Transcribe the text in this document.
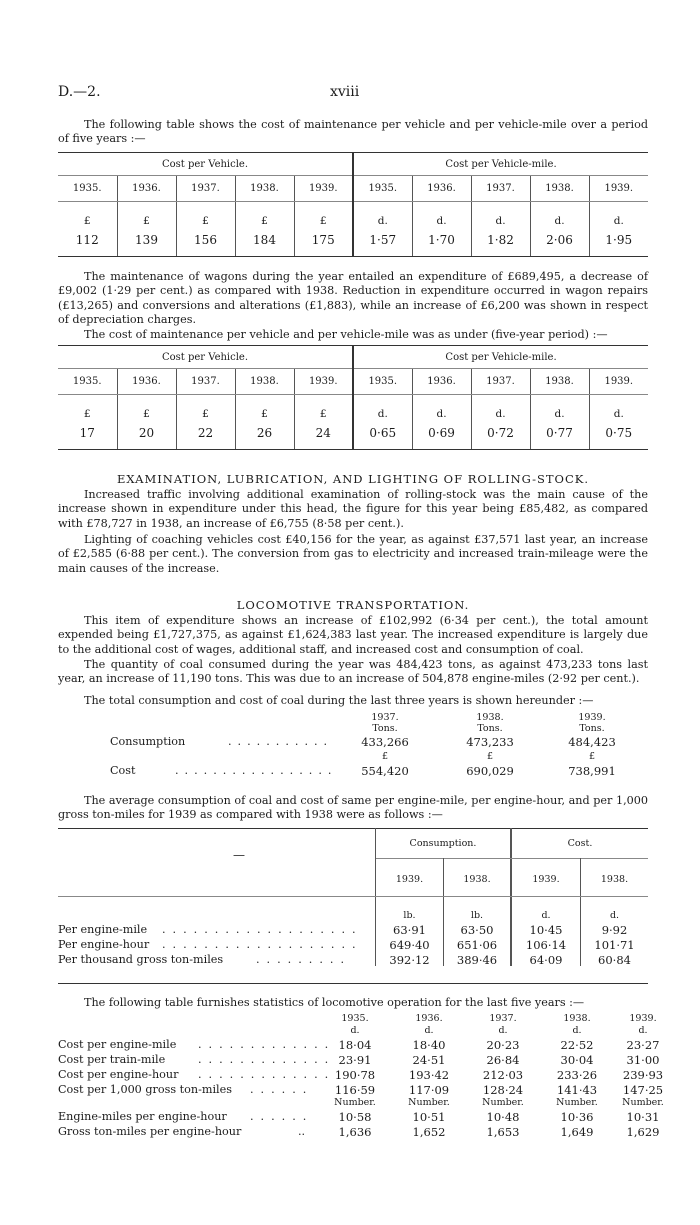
D.—2.	xviii

The following table shows the cost of maintenance per vehicle and per vehicle-mile over a period of five years :—

Cost per Vehicle.					Cost per Vehicle-mile.				
1935.	1936.	1937.	1938.	1939.	1935.	1936.	1937.	1938.	1939.
£	£	£	£	£	d.	d.	d.	d.	d.
112	139	156	184	175	1·57	1·70	1·82	2·06	1·95

The maintenance of wagons during the year entailed an expenditure of £689,495, a decrease of £9,002 (1·29 per cent.) as compared with 1938. Reduction in expenditure occurred in wagon repairs (£13,265) and conversions and alterations (£1,883), while an increase of £6,200 was shown in respect of depreciation charges.

The cost of maintenance per vehicle and per vehicle-mile was as under (five-year period) :—

Cost per Vehicle.					Cost per Vehicle-mile.				
1935.	1936.	1937.	1938.	1939.	1935.	1936.	1937.	1938.	1939.
£	£	£	£	£	d.	d.	d.	d.	d.
17	20	22	26	24	0·65	0·69	0·72	0·77	0·75
EXAMINATION, LUBRICATION, AND LIGHTING OF ROLLING-STOCK.

Increased traffic involving additional examination of rolling-stock was the main cause of the increase shown in expenditure under this head, the figure for this year being £85,482, as compared with £78,727 in 1938, an increase of £6,755 (8·58 per cent.).

Lighting of coaching vehicles cost £40,156 for the year, as against £37,571 last year, an increase of £2,585 (6·88 per cent.). The conversion from gas to electricity and increased train-mileage were the main causes of the increase.

LOCOMOTIVE TRANSPORTATION.

This item of expenditure shows an increase of £102,992 (6·34 per cent.), the total amount expended being £1,727,375, as against £1,624,383 last year. The increased expenditure is largely due to the additional cost of wages, additional staff, and increased cost and consumption of coal.

The quantity of coal consumed during the year was 484,423 tons, as against 473,233 tons last year, an increase of 11,190 tons. This was due to an increase of 504,878 engine-miles (2·92 per cent.).

The total consumption and cost of coal during the last three years is shown hereunder :—

1937.	1938.	1939.
Tons.	Tons.	Tons.
Consumption	...........	433,266	473,233	484,423
£	£	£
Cost	.................	554,420	690,029	738,991

The average consumption of coal and cost of same per engine-mile, per engine-hour, and per 1,000 gross ton-miles for 1939 as compared with 1938 were as follows :—

—
Consumption.	Cost.
1939.	1938.	1939.	1938.
lb.	lb.	d.	d.
Per engine-mile ...................	63·91	63·50	10·45	9·92
Per engine-hour ...................	649·40	651·06	106·14	101·71
Per thousand gross ton-miles	.........	392·12	389·46	64·09	60·84

The following table furnishes statistics of locomotive operation for the last five years :—

1935.	1936.	1937.	1938.	1939.
d.	d.	d.	d.	d.
Cost per engine-mile ............. 18·04	18·40	20·23	22·52	23·27
Cost per train-mile	............. 23·91	24·51	26·84	30·04	31·00
Cost per engine-hour ............. 190·78	193·42	212·03	233·26	239·93
Cost per 1,000 gross ton-miles ......	116·59	117·09	128·24	141·43	147·25
Number.	Number.	Number.	Number.	Number.
Engine-miles per engine-hour ......	10·58	10·51	10·48	10·36	10·31
Gross ton-miles per engine-hour	..	1,636	1,652	1,653	1,649	1,629
